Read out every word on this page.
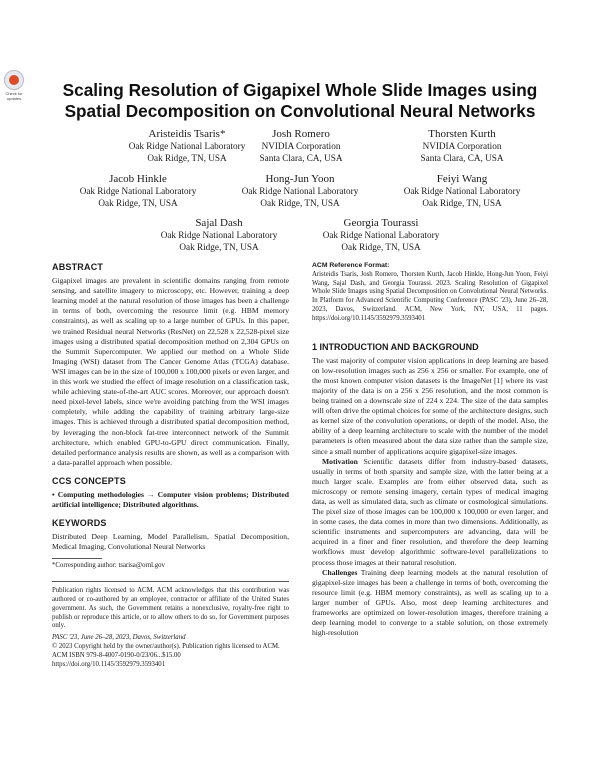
Check for updates	Scaling Resolution of Gigapixel Whole Slide Images using
Spatial Decomposition on Convolutional Neural Networks
Aristeidis Tsaris*
Oak Ridge National Laboratory
Oak Ridge, TN, USA
Josh Romero
NVIDIA Corporation
Santa Clara, CA, USA
Thorsten Kurth
NVIDIA Corporation
Santa Clara, CA, USA
Jacob Hinkle
Oak Ridge National Laboratory
Oak Ridge, TN, USA
Hong-Jun Yoon
Oak Ridge National Laboratory
Oak Ridge, TN, USA
Feiyi Wang
Oak Ridge National Laboratory
Oak Ridge, TN, USA
Sajal Dash
Oak Ridge National Laboratory
Oak Ridge, TN, USA
Georgia Tourassi
Oak Ridge National Laboratory
Oak Ridge, TN, USA
ABSTRACT

Gigapixel images are prevalent in scientific domains ranging from remote sensing, and satellite imagery to microscopy, etc. However, training a deep learning model at the natural resolution of those images has been a challenge in terms of both, overcoming the resource limit (e.g. HBM memory constraints), as well as scaling up to a large number of GPUs. In this paper, we trained Residual neural Networks (ResNet) on 22,528 x 22,528-pixel size images using a distributed spatial decomposition method on 2,304 GPUs on the Summit Supercomputer. We applied our method on a Whole Slide Imaging (WSI) dataset from The Cancer Genome Atlas (TCGA) database. WSI images can be in the size of 100,000 x 100,000 pixels or even larger, and in this work we studied the effect of image resolution on a classification task, while achieving state-of-the-art AUC scores. Moreover, our approach doesn't need pixel-level labels, since we're avoiding patching from the WSI images completely, while adding the capability of training arbitrary large-size images. This is achieved through a distributed spatial decomposition method, by leveraging the non-block fat-tree interconnect network of the Summit architecture, which enabled GPU-to-GPU direct communication. Finally, detailed performance analysis results are shown, as well as a comparison with a data-parallel approach when possible.

CCS CONCEPTS

• Computing methodologies → Computer vision problems; Distributed artificial intelligence; Distributed algorithms.

KEYWORDS

Distributed Deep Learning, Model Parallelism, Spatial Decomposition, Medical Imaging, Convolutional Neural Networks

*Corresponding author: tsarisa@ornl.gov

Publication rights licensed to ACM. ACM acknowledges that this contribution was authored or co-authored by an employee, contractor or affiliate of the United States government. As such, the Government retains a nonexclusive, royalty-free right to publish or reproduce this article, or to allow others to do so, for Government purposes only.

PASC '23, June 26–28, 2023, Davos, Switzerland

© 2023 Copyright held by the owner/author(s). Publication rights licensed to ACM.

ACM ISBN 979-8-4007-0190-0/23/06...$15.00

https://doi.org/10.1145/3592979.3593401

ACM Reference Format:

Aristeidis Tsaris, Josh Romero, Thorsten Kurth, Jacob Hinkle, Hong-Jun Yoon, Feiyi Wang, Sajal Dash, and Georgia Tourassi. 2023. Scaling Resolution of Gigapixel Whole Slide Images using Spatial Decomposition on Convolutional Neural Networks. In Platform for Advanced Scientific Computing Conference (PASC '23), June 26–28, 2023, Davos, Switzerland. ACM, New York, NY, USA, 11 pages. https://doi.org/10.1145/3592979.3593401

1 INTRODUCTION AND BACKGROUND

The vast majority of computer vision applications in deep learning are based on low-resolution images such as 256 x 256 or smaller. For example, one of the most known computer vision datasets is the ImageNet [1] where its vast majority of the data is on a 256 x 256 resolution, and the most common is being trained on a downscale size of 224 x 224. The size of the data samples will often drive the optimal choices for some of the architecture designs, such as kernel size of the convolution operations, or depth of the model. Also, the ability of a deep learning architecture to scale with the number of the model parameters is often measured about the data size rather than the sample size, since a small number of applications acquire gigapixel-size images.

Motivation Scientific datasets differ from industry-based datasets, usually in terms of both sparsity and sample size, with the latter being at a much larger scale. Examples are from either observed data, such as microscopy or remote sensing imagery, certain types of medical imaging data, as well as simulated data, such as climate or cosmological simulations. The pixel size of those images can be 100,000 x 100,000 or even larger, and in some cases, the data comes in more than two dimensions. Additionally, as scientific instruments and supercomputers are advancing, data will be acquired in a finer and finer resolution, and therefore the deep learning workflows must develop algorithmic software-level parallelizations to process those images at their natural resolution.

Challenges Training deep learning models at the natural resolution of gigapixel-size images has been a challenge in terms of both, overcoming the resource limit (e.g. HBM memory constraints), as well as scaling up to a larger number of GPUs. Also, most deep learning architectures and frameworks are optimized on lower-resolution images, therefore training a deep learning model to converge to a stable solution, on those extremely high-resolution
